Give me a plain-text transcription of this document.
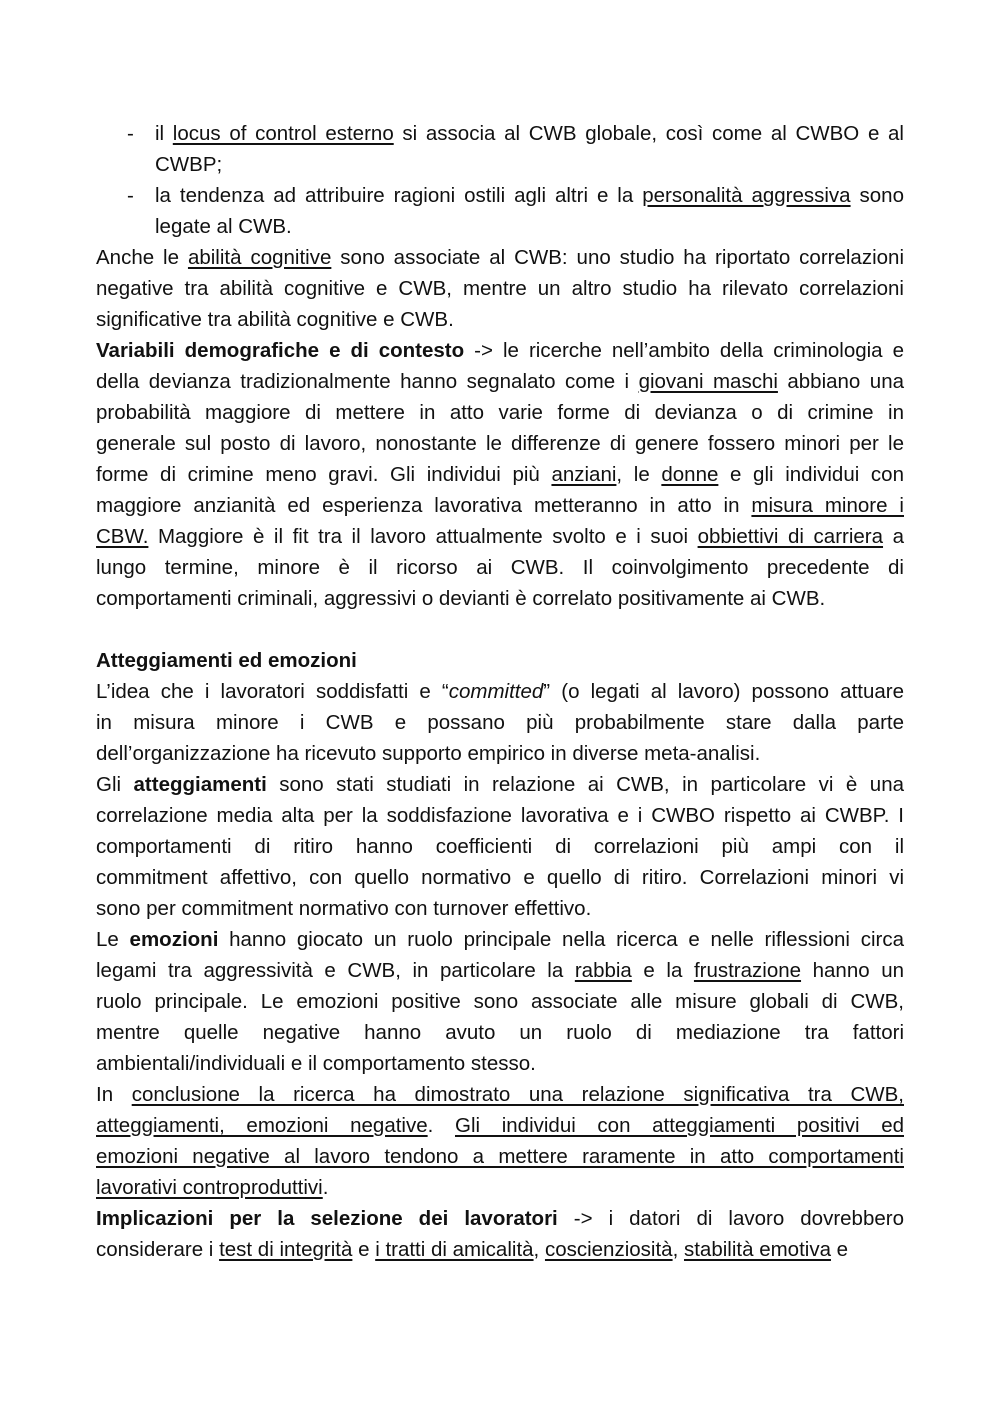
- il locus of control esterno si associa al CWB globale, così come al CWBO e al
CWBP;
- la tendenza ad attribuire ragioni ostili agli altri e la personalità aggressiva sono
legate al CWB.
Anche le abilità cognitive sono associate al CWB: uno studio ha riportato correlazioni
negative tra abilità cognitive e CWB, mentre un altro studio ha rilevato correlazioni
significative tra abilità cognitive e CWB.
Variabili demografiche e di contesto -> le ricerche nell’ambito della criminologia e
della devianza tradizionalmente hanno segnalato come i giovani maschi abbiano una
probabilità maggiore di mettere in atto varie forme di devianza o di crimine in
generale sul posto di lavoro, nonostante le differenze di genere fossero minori per le
forme di crimine meno gravi. Gli individui più anziani, le donne e gli individui con
maggiore anzianità ed esperienza lavorativa metteranno in atto in misura minore i
CBW. Maggiore è il fit tra il lavoro attualmente svolto e i suoi obbiettivi di carriera a
lungo termine, minore è il ricorso ai CWB. Il coinvolgimento precedente di
comportamenti criminali, aggressivi o devianti è correlato positivamente ai CWB.
Atteggiamenti ed emozioni
L’idea che i lavoratori soddisfatti e “committed” (o legati al lavoro) possono attuare
in misura minore i CWB e possano più probabilmente stare dalla parte
dell’organizzazione ha ricevuto supporto empirico in diverse meta-analisi.
Gli atteggiamenti sono stati studiati in relazione ai CWB, in particolare vi è una
correlazione media alta per la soddisfazione lavorativa e i CWBO rispetto ai CWBP. I
comportamenti di ritiro hanno coefficienti di correlazioni più ampi con il
commitment affettivo, con quello normativo e quello di ritiro. Correlazioni minori vi
sono per commitment normativo con turnover effettivo.
Le emozioni hanno giocato un ruolo principale nella ricerca e nelle riflessioni circa
legami tra aggressività e CWB, in particolare la rabbia e la frustrazione hanno un
ruolo principale. Le emozioni positive sono associate alle misure globali di CWB,
mentre quelle negative hanno avuto un ruolo di mediazione tra fattori
ambientali/individuali e il comportamento stesso.
In conclusione la ricerca ha dimostrato una relazione significativa tra CWB,
atteggiamenti, emozioni negative. Gli individui con atteggiamenti positivi ed
emozioni negative al lavoro tendono a mettere raramente in atto comportamenti
lavorativi controproduttivi.
Implicazioni per la selezione dei lavoratori -> i datori di lavoro dovrebbero
considerare i test di integrità e i tratti di amicalità, coscienziosità, stabilità emotiva e
